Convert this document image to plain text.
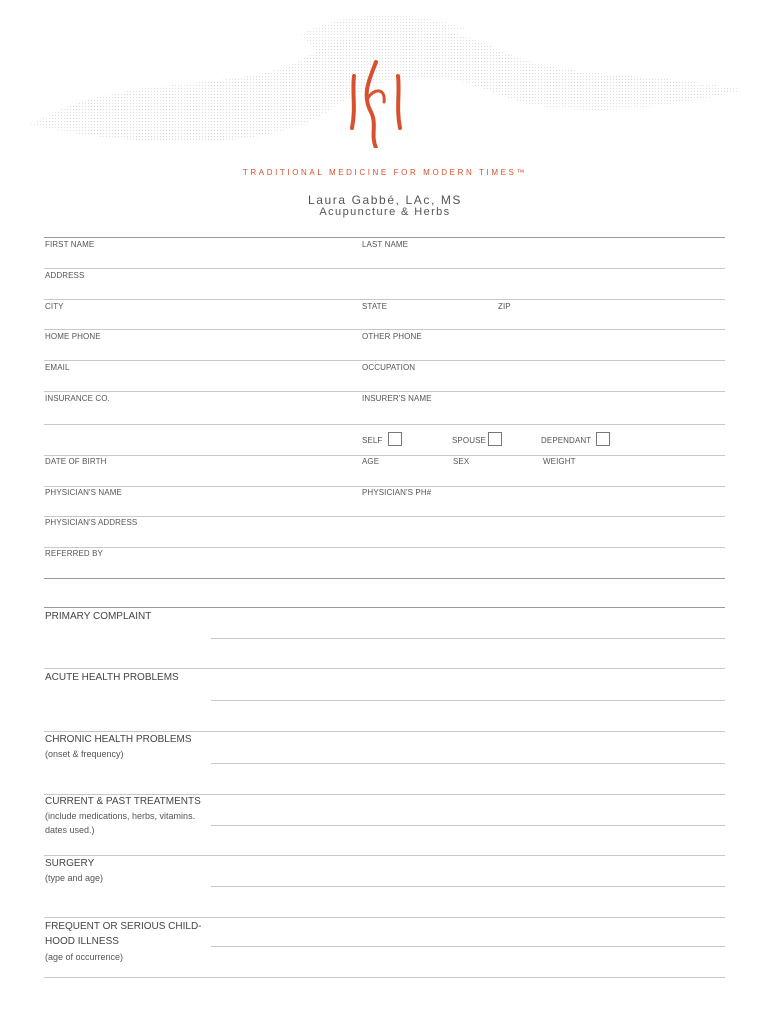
TRADITIONAL MEDICINE FOR MODERN TIMES™
Laura Gabbé, LAc, MS
Acupuncture & Herbs
FIRST NAME	LAST NAME
ADDRESS
CITY	STATE	ZIP
HOME PHONE	OTHER PHONE
EMAIL	OCCUPATION
INSURANCE CO.	INSURER'S NAME
SELF	SPOUSE	DEPENDANT
DATE OF BIRTH	AGE	SEX	WEIGHT
PHYSICIAN'S NAME	PHYSICIAN'S PH#
PHYSICIAN'S ADDRESS
REFERRED BY
PRIMARY COMPLAINT
ACUTE HEALTH PROBLEMS
CHRONIC HEALTH PROBLEMS
(onset & frequency)
CURRENT & PAST TREATMENTS
(include medications, herbs, vitamins.
dates used.)
SURGERY
(type and age)
FREQUENT OR SERIOUS CHILD-
HOOD ILLNESS
(age of occurrence)
